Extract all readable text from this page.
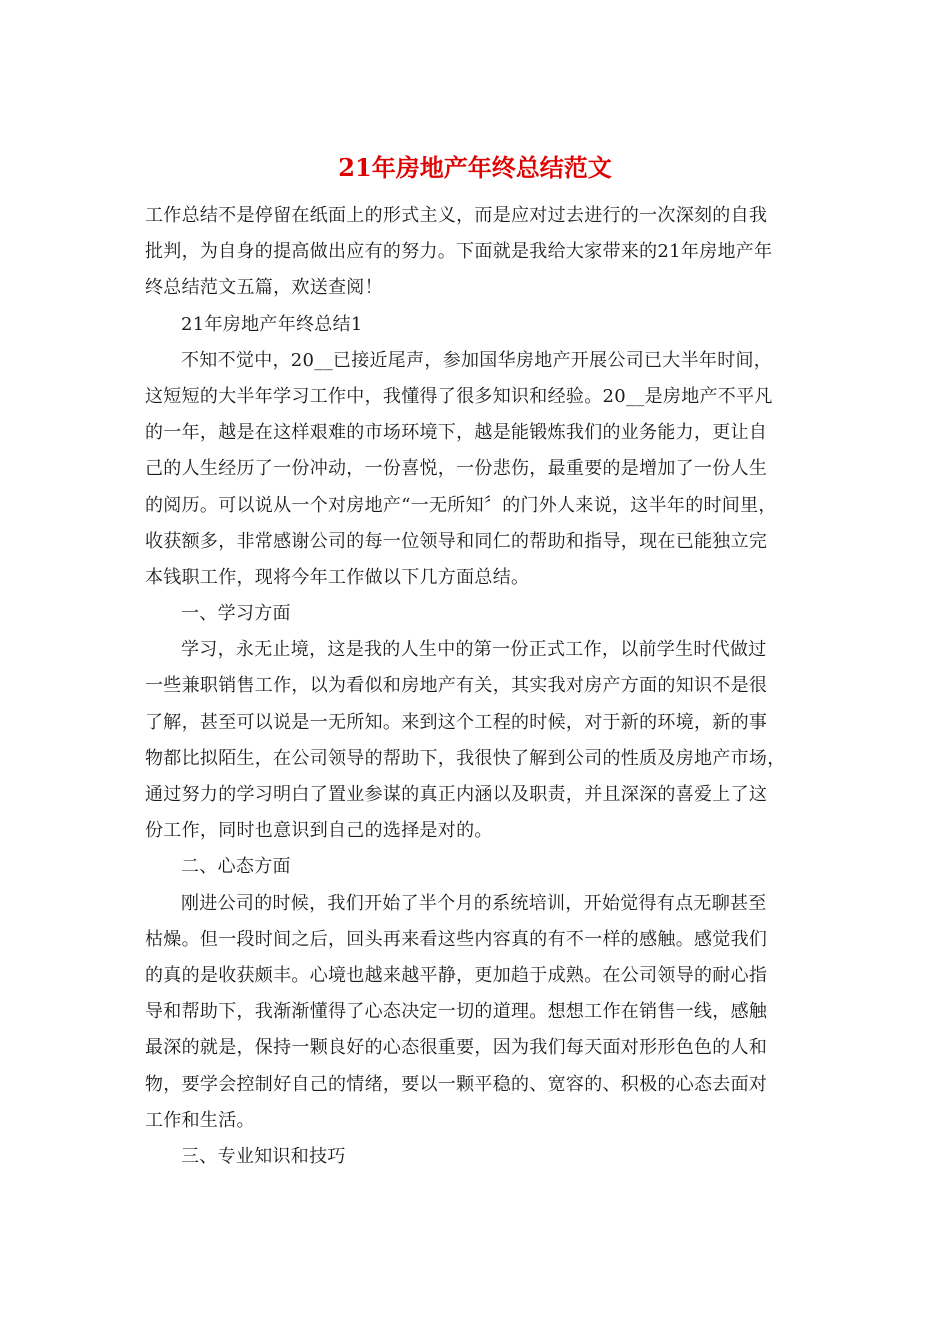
21年房地产年终总结范文
工作总结不是停留在纸面上的形式主义，而是应对过去进行的一次深刻的自我
批判，为自身的提高做出应有的努力。下面就是我给大家带来的21年房地产年
终总结范文五篇，欢送查阅！
21年房地产年终总结1
不知不觉中，20__已接近尾声，参加国华房地产开展公司已大半年时间，
这短短的大半年学习工作中，我懂得了很多知识和经验。20__是房地产不平凡
的一年，越是在这样艰难的市场环境下，越是能锻炼我们的业务能力，更让自
己的人生经历了一份冲动，一份喜悦，一份悲伤，最重要的是增加了一份人生
的阅历。可以说从一个对房地产“一无所知〞的门外人来说，这半年的时间里，
收获额多，非常感谢公司的每一位领导和同仁的帮助和指导，现在已能独立完
本钱职工作，现将今年工作做以下几方面总结。
一、学习方面
学习，永无止境，这是我的人生中的第一份正式工作，以前学生时代做过
一些兼职销售工作，以为看似和房地产有关，其实我对房产方面的知识不是很
了解，甚至可以说是一无所知。来到这个工程的时候，对于新的环境，新的事
物都比拟陌生，在公司领导的帮助下，我很快了解到公司的性质及房地产市场，
通过努力的学习明白了置业参谋的真正内涵以及职责，并且深深的喜爱上了这
份工作，同时也意识到自己的选择是对的。
二、心态方面
刚进公司的时候，我们开始了半个月的系统培训，开始觉得有点无聊甚至
枯燥。但一段时间之后，回头再来看这些内容真的有不一样的感触。感觉我们
的真的是收获颇丰。心境也越来越平静，更加趋于成熟。在公司领导的耐心指
导和帮助下，我渐渐懂得了心态决定一切的道理。想想工作在销售一线，感触
最深的就是，保持一颗良好的心态很重要，因为我们每天面对形形色色的人和
物，要学会控制好自己的情绪，要以一颗平稳的、宽容的、积极的心态去面对
工作和生活。
三、专业知识和技巧
